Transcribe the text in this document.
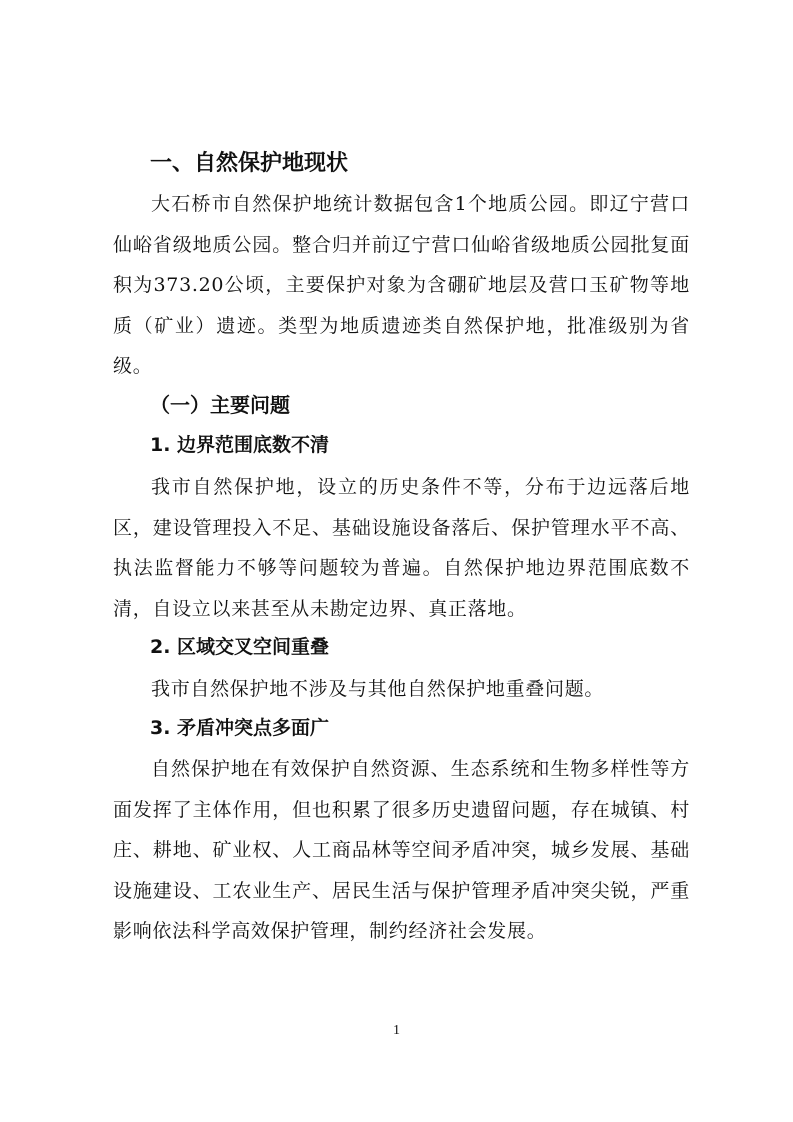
一、自然保护地现状

大石桥市自然保护地统计数据包含1个地质公园。即辽宁营口仙峪省级地质公园。整合归并前辽宁营口仙峪省级地质公园批复面积为373.20公顷，主要保护对象为含硼矿地层及营口玉矿物等地质（矿业）遗迹。类型为地质遗迹类自然保护地，批准级别为省级。

（一）主要问题
1. 边界范围底数不清

我市自然保护地，设立的历史条件不等，分布于边远落后地区，建设管理投入不足、基础设施设备落后、保护管理水平不高、执法监督能力不够等问题较为普遍。自然保护地边界范围底数不清，自设立以来甚至从未勘定边界、真正落地。

2. 区域交叉空间重叠

我市自然保护地不涉及与其他自然保护地重叠问题。

3. 矛盾冲突点多面广

自然保护地在有效保护自然资源、生态系统和生物多样性等方面发挥了主体作用，但也积累了很多历史遗留问题，存在城镇、村庄、耕地、矿业权、人工商品林等空间矛盾冲突，城乡发展、基础设施建设、工农业生产、居民生活与保护管理矛盾冲突尖锐，严重影响依法科学高效保护管理，制约经济社会发展。

1
